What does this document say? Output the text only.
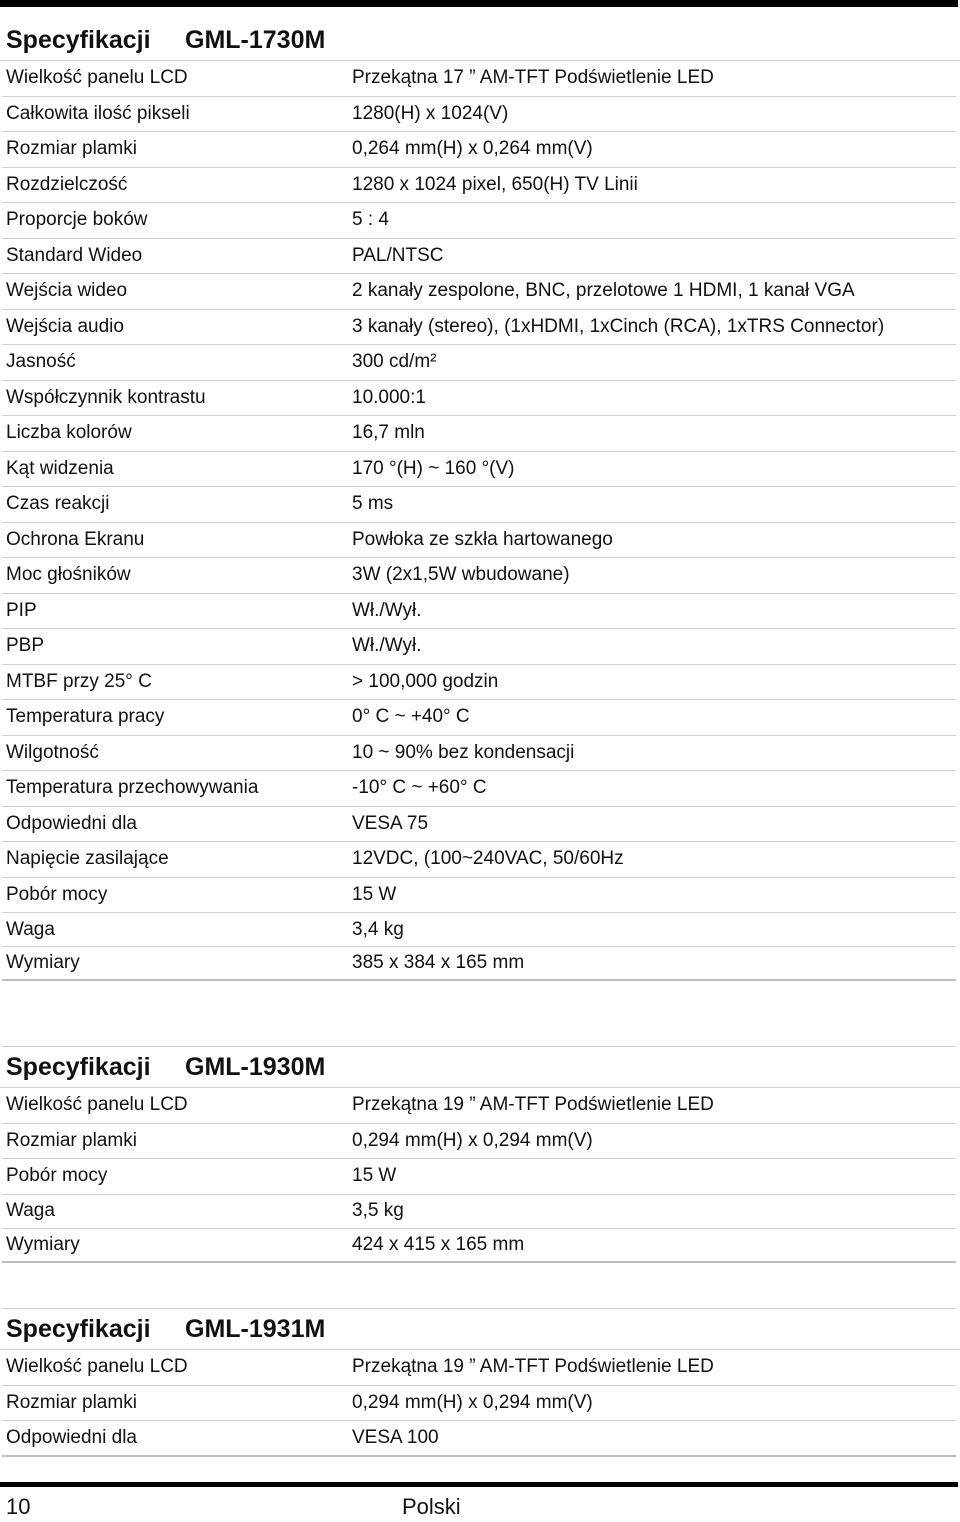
Specyfikacji GML-1730M
Wielkość panelu LCD	Przekątna 17 ” AM-TFT Podświetlenie LED
Całkowita ilość pikseli	1280(H) x 1024(V)
Rozmiar plamki	0,264 mm(H) x 0,264 mm(V)
Rozdzielczość	1280 x 1024 pixel, 650(H) TV Linii
Proporcje boków	5 : 4
Standard Wideo	PAL/NTSC
Wejścia wideo	2 kanały zespolone, BNC, przelotowe 1 HDMI, 1 kanał VGA
Wejścia audio	3 kanały (stereo), (1xHDMI, 1xCinch (RCA), 1xTRS Connector)
Jasność	300 cd/m²
Współczynnik kontrastu	10.000:1
Liczba kolorów	16,7 mln
Kąt widzenia	170 °(H) ~ 160 °(V)
Czas reakcji	5 ms
Ochrona Ekranu	Powłoka ze szkła hartowanego
Moc głośników	3W (2x1,5W wbudowane)
PIP	Wł./Wył.
PBP	Wł./Wył.
MTBF przy 25° C	> 100,000 godzin
Temperatura pracy	0° C ~ +40° C
Wilgotność	10 ~ 90% bez kondensacji
Temperatura przechowywania	-10° C ~ +60° C
Odpowiedni dla	VESA 75
Napięcie zasilające	12VDC, (100~240VAC, 50/60Hz
Pobór mocy	15 W
Waga	3,4 kg
Wymiary	385 x 384 x 165 mm
Specyfikacji GML-1930M
Wielkość panelu LCD	Przekątna 19 ” AM-TFT Podświetlenie LED
Rozmiar plamki	0,294 mm(H) x 0,294 mm(V)
Pobór mocy	15 W
Waga	3,5 kg
Wymiary	424 x 415 x 165 mm
Specyfikacji GML-1931M
Wielkość panelu LCD	Przekątna 19 ” AM-TFT Podświetlenie LED
Rozmiar plamki	0,294 mm(H) x 0,294 mm(V)
Odpowiedni dla	VESA 100
10	Polski
